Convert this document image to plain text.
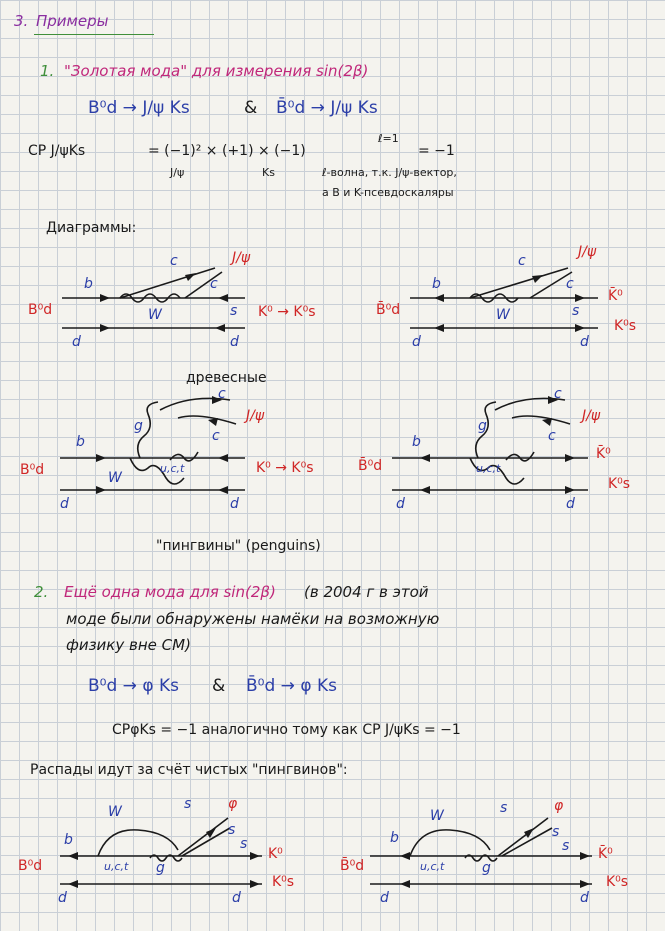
3. Примеры
1. "Золотая мода" для измерения sin(2β)
B⁰d → J/ψ Ks	& B̄⁰d → J/ψ Ks
CP J/ψKs	= (−1)² × (+1) × (−1)
ℓ=1
= −1
J/ψ	Ks	ℓ-волна, т.к. J/ψ-вектор,
а B и K-псевдоскаляры
Диаграммы:
b
c
c
J/ψ
s
W
B⁰d	K⁰ → K⁰s
d	d
b
c
c
J/ψ
s
W
B̄⁰d
K̄⁰
K⁰s
d	d
древесные
b
g
c
c
J/ψ
u,c,t
W
B⁰d	K⁰ → K⁰s
d	d
b
g
c
c
J/ψ
u,c,t
B̄⁰d
K̄⁰
K⁰s
d	d
"пингвины" (penguins)
2. Ещё одна мода для sin(2β) (в 2004 г в этой
моде были обнаружены намёки на возможную
физику вне СМ)
B⁰d → φ Ks & B̄⁰d → φ Ks
CPφKs = −1 аналогично тому как CP J/ψKs = −1
Распады идут за счёт чистых "пингвинов":
W	s	φ
s
s
b
u,c,t g
B⁰d
K⁰
K⁰s
d	d
W	s	φ
s
s
b
u,c,t	g
B̄⁰d
K̄⁰
K⁰s
d	d
